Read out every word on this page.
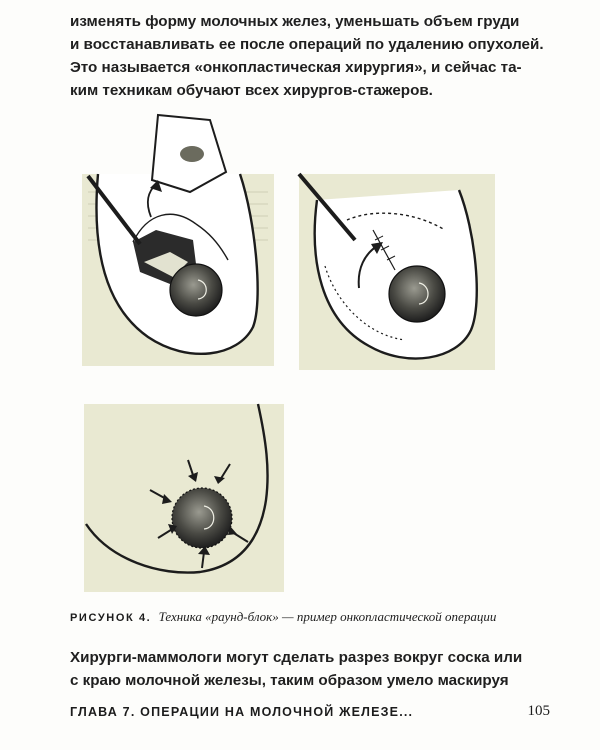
изменять форму молочных желез, уменьшать объем груди
и восстанавливать ее после операций по удалению опухолей.
Это называется «онкопластическая хирургия», и сейчас та-
ким техникам обучают всех хирургов-стажеров.
РИСУНОК 4. Техника «раунд-блок» — пример онкопластической операции
Хирурги-маммологи могут сделать разрез вокруг соска или
с краю молочной железы, таким образом умело маскируя
ГЛАВА 7. ОПЕРАЦИИ НА МОЛОЧНОЙ ЖЕЛЕЗЕ...	105
